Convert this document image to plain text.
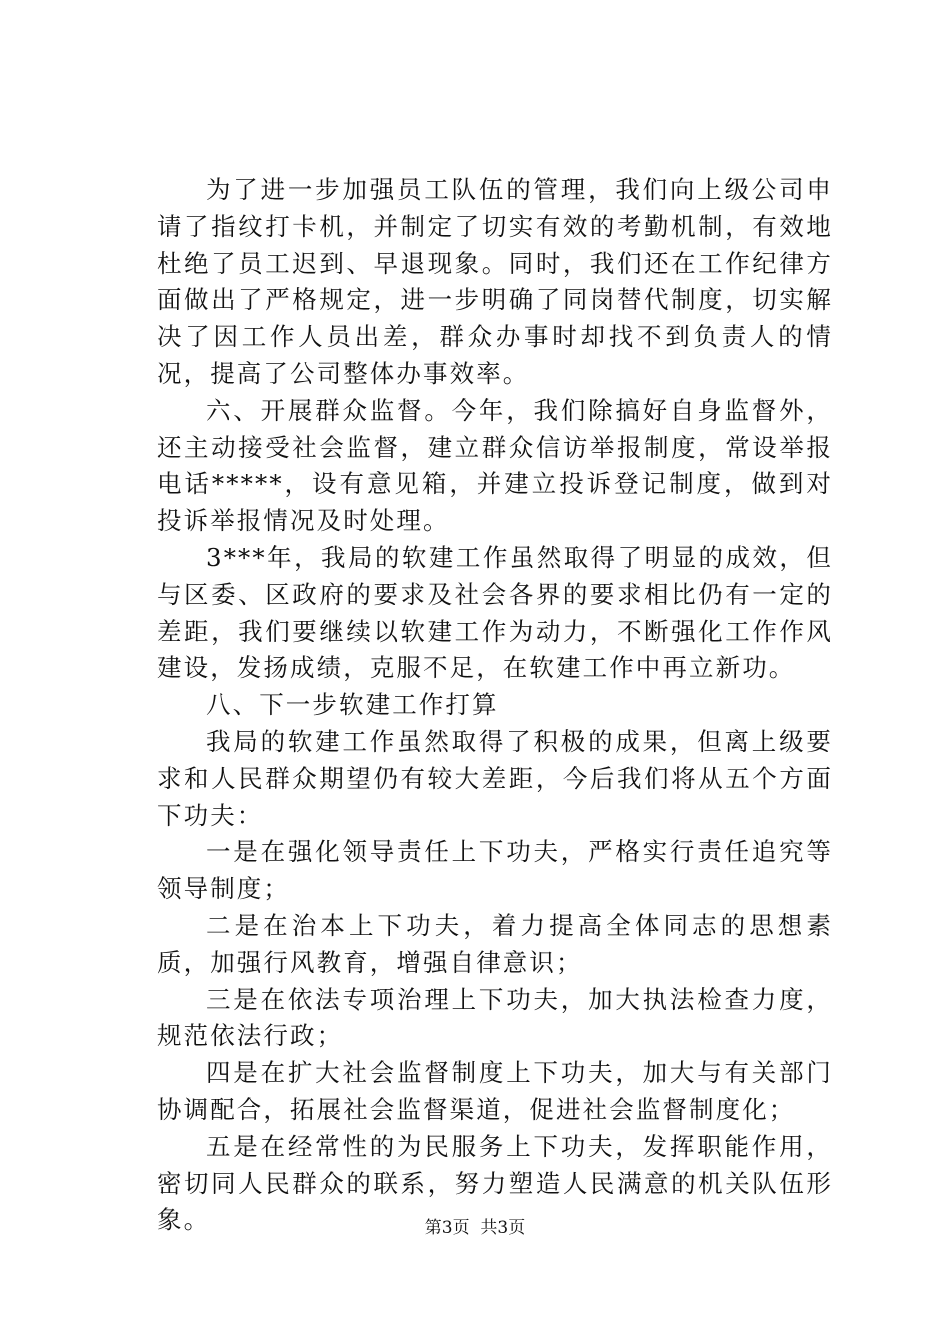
为了进一步加强员工队伍的管理，我们向上级公司申请了指纹打卡机，并制定了切实有效的考勤机制，有效地杜绝了员工迟到、早退现象。同时，我们还在工作纪律方面做出了严格规定，进一步明确了同岗替代制度，切实解决了因工作人员出差，群众办事时却找不到负责人的情况，提高了公司整体办事效率。

六、开展群众监督。今年，我们除搞好自身监督外，还主动接受社会监督，建立群众信访举报制度，常设举报电话*****，设有意见箱，并建立投诉登记制度，做到对投诉举报情况及时处理。

3***年，我局的软建工作虽然取得了明显的成效，但与区委、区政府的要求及社会各界的要求相比仍有一定的差距，我们要继续以软建工作为动力，不断强化工作作风建设，发扬成绩，克服不足，在软建工作中再立新功。

八、下一步软建工作打算

我局的软建工作虽然取得了积极的成果，但离上级要求和人民群众期望仍有较大差距，今后我们将从五个方面下功夫：

一是在强化领导责任上下功夫，严格实行责任追究等领导制度；

二是在治本上下功夫，着力提高全体同志的思想素质，加强行风教育，增强自律意识；

三是在依法专项治理上下功夫，加大执法检查力度，规范依法行政；

四是在扩大社会监督制度上下功夫，加大与有关部门协调配合，拓展社会监督渠道，促进社会监督制度化；

五是在经常性的为民服务上下功夫，发挥职能作用，密切同人民群众的联系，努力塑造人民满意的机关队伍形象。	第3页  共3页
